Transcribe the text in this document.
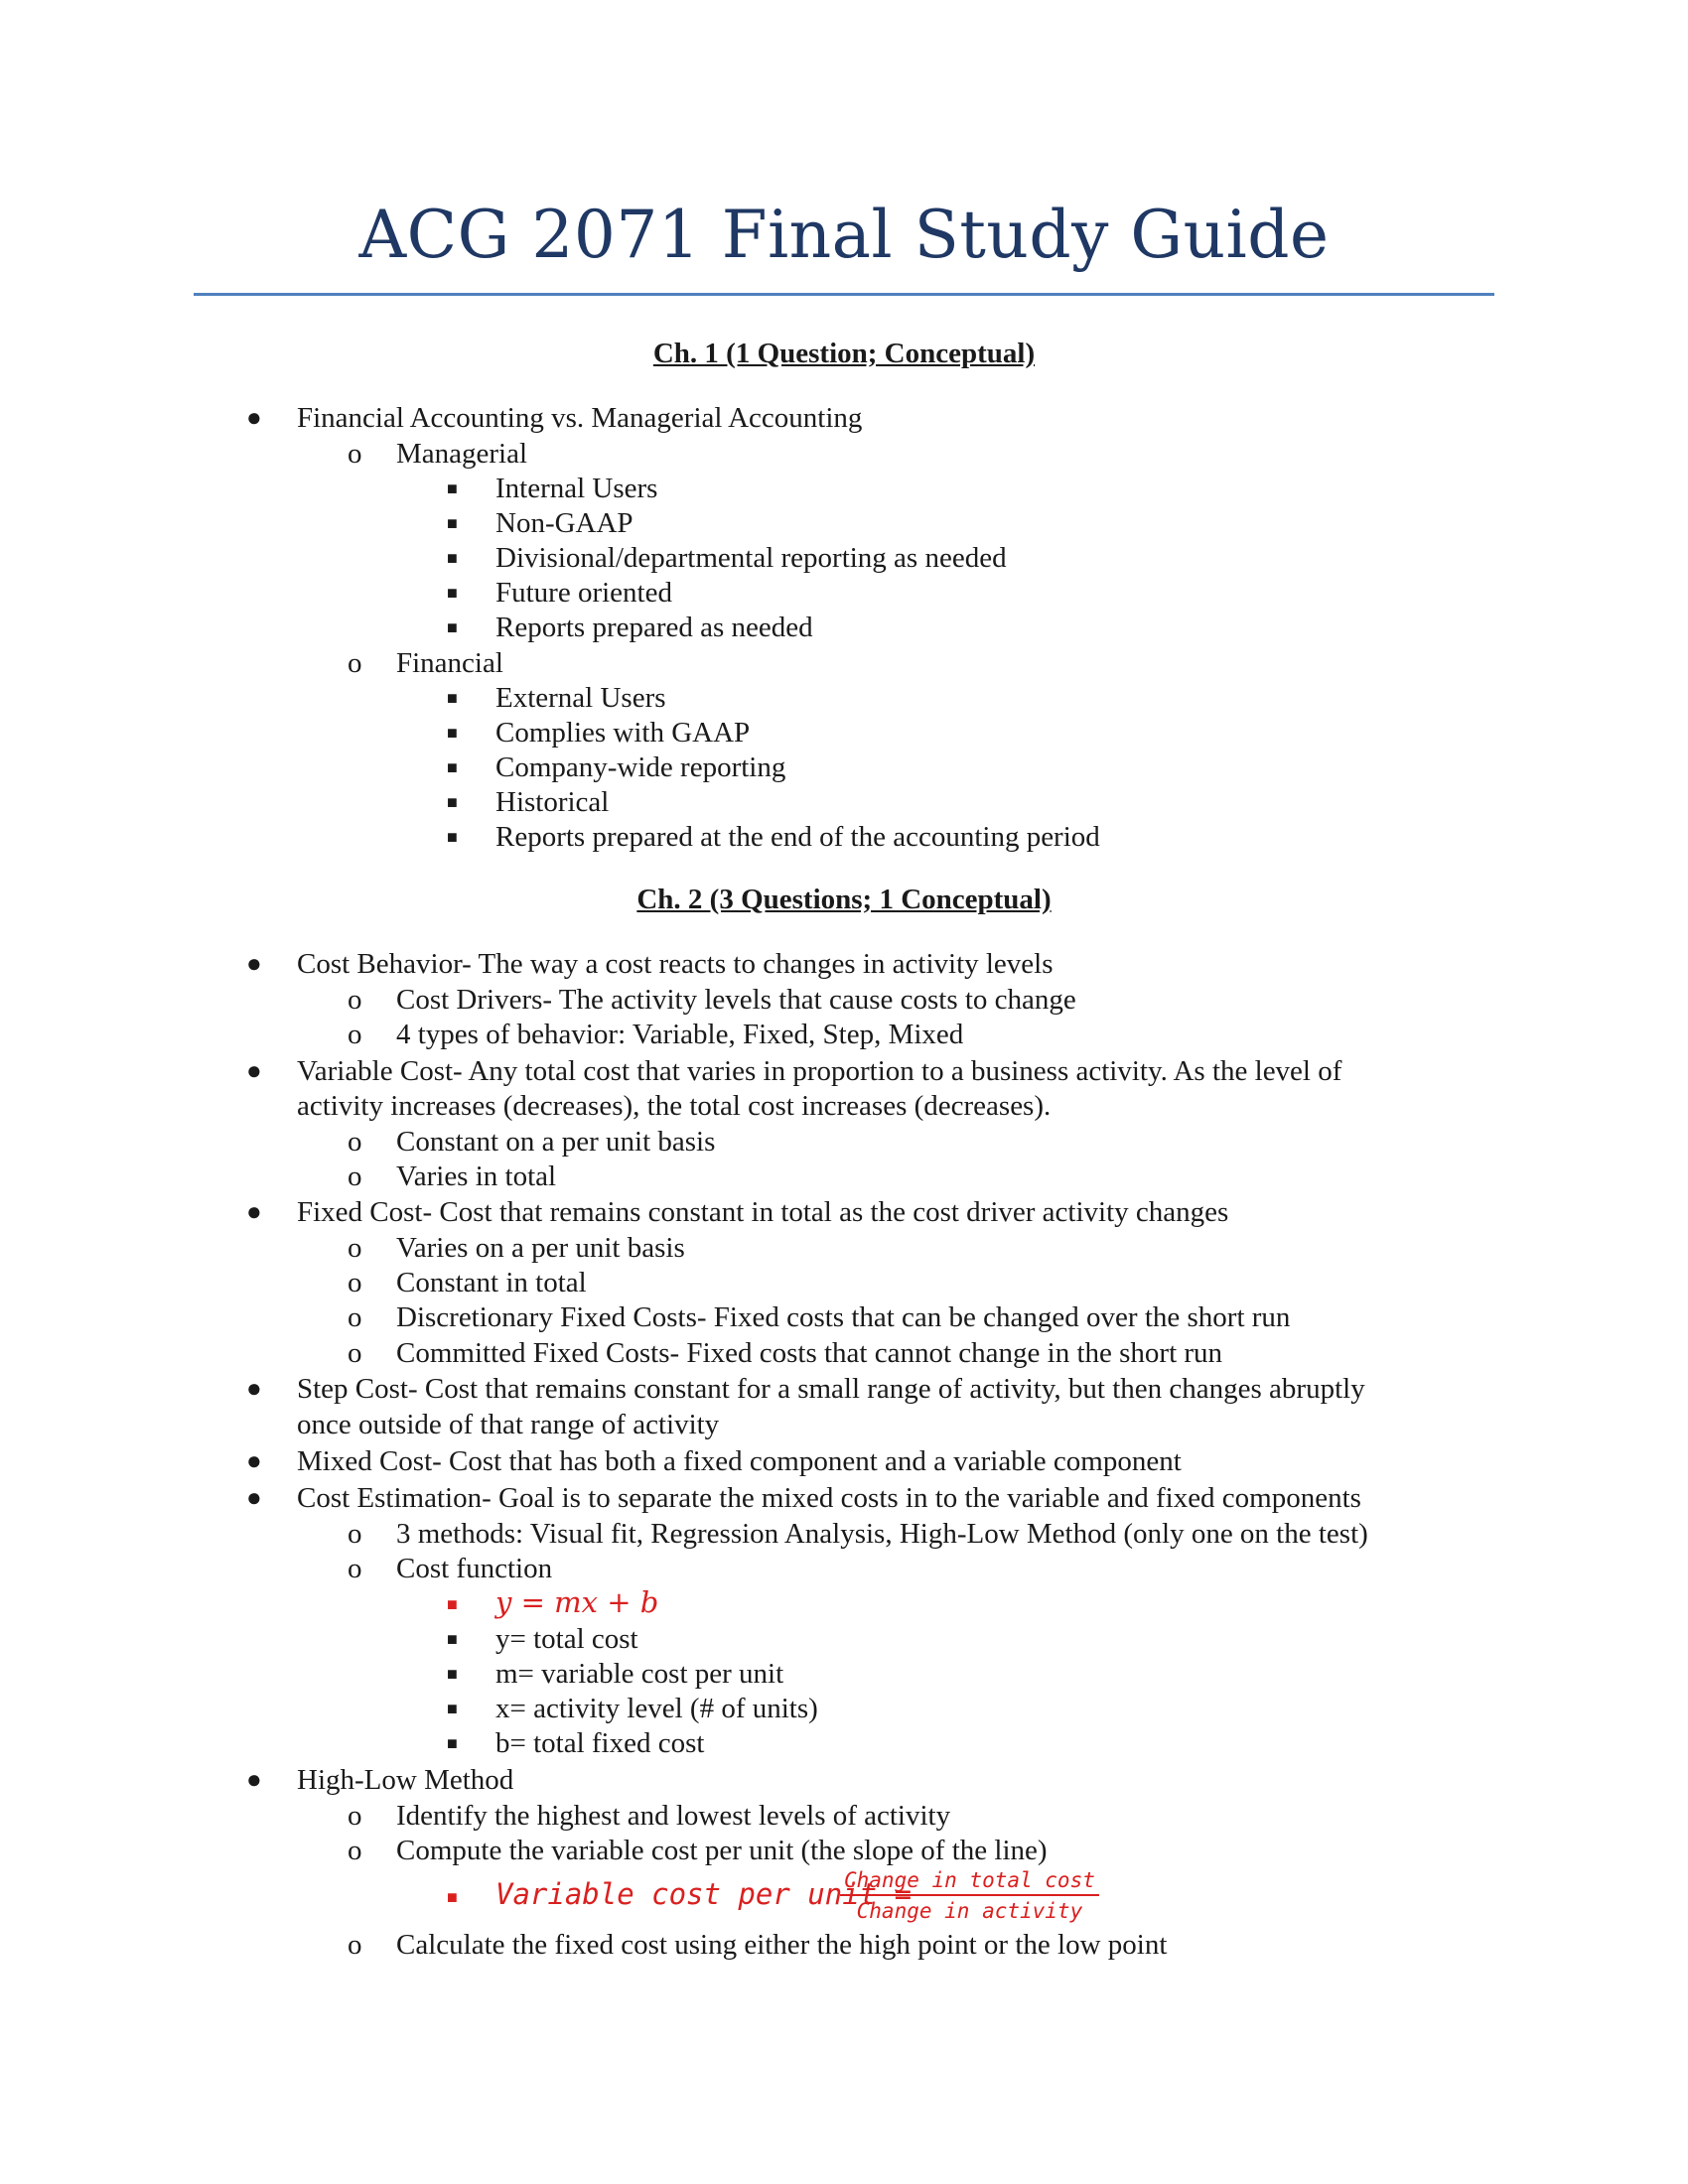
ACG 2071 Final Study Guide
Ch. 1 (1 Question; Conceptual)
● Financial Accounting vs. Managerial Accounting
o Managerial
■ Internal Users
■ Non-GAAP
■ Divisional/departmental reporting as needed
■ Future oriented
■ Reports prepared as needed
o Financial
■ External Users
■ Complies with GAAP
■ Company-wide reporting
■ Historical
■ Reports prepared at the end of the accounting period
Ch. 2 (3 Questions; 1 Conceptual)
● Cost Behavior- The way a cost reacts to changes in activity levels
o Cost Drivers- The activity levels that cause costs to change
o 4 types of behavior: Variable, Fixed, Step, Mixed
● Variable Cost- Any total cost that varies in proportion to a business activity. As the level of
activity increases (decreases), the total cost increases (decreases).
o Constant on a per unit basis
o Varies in total
● Fixed Cost- Cost that remains constant in total as the cost driver activity changes
o Varies on a per unit basis
o Constant in total
o Discretionary Fixed Costs- Fixed costs that can be changed over the short run
o Committed Fixed Costs- Fixed costs that cannot change in the short run
● Step Cost- Cost that remains constant for a small range of activity, but then changes abruptly
once outside of that range of activity
● Mixed Cost- Cost that has both a fixed component and a variable component
● Cost Estimation- Goal is to separate the mixed costs in to the variable and fixed components
o 3 methods: Visual fit, Regression Analysis, High-Low Method (only one on the test)
o Cost function
■ y = mx + b
■ y= total cost
■ m= variable cost per unit
■ x= activity level (# of units)
■ b= total fixed cost
● High-Low Method
o Identify the highest and lowest levels of activity
o Compute the variable cost per unit (the slope of the line)
■ Variable cost per unit =
Change in total cost
Change in activity
o Calculate the fixed cost using either the high point or the low point
